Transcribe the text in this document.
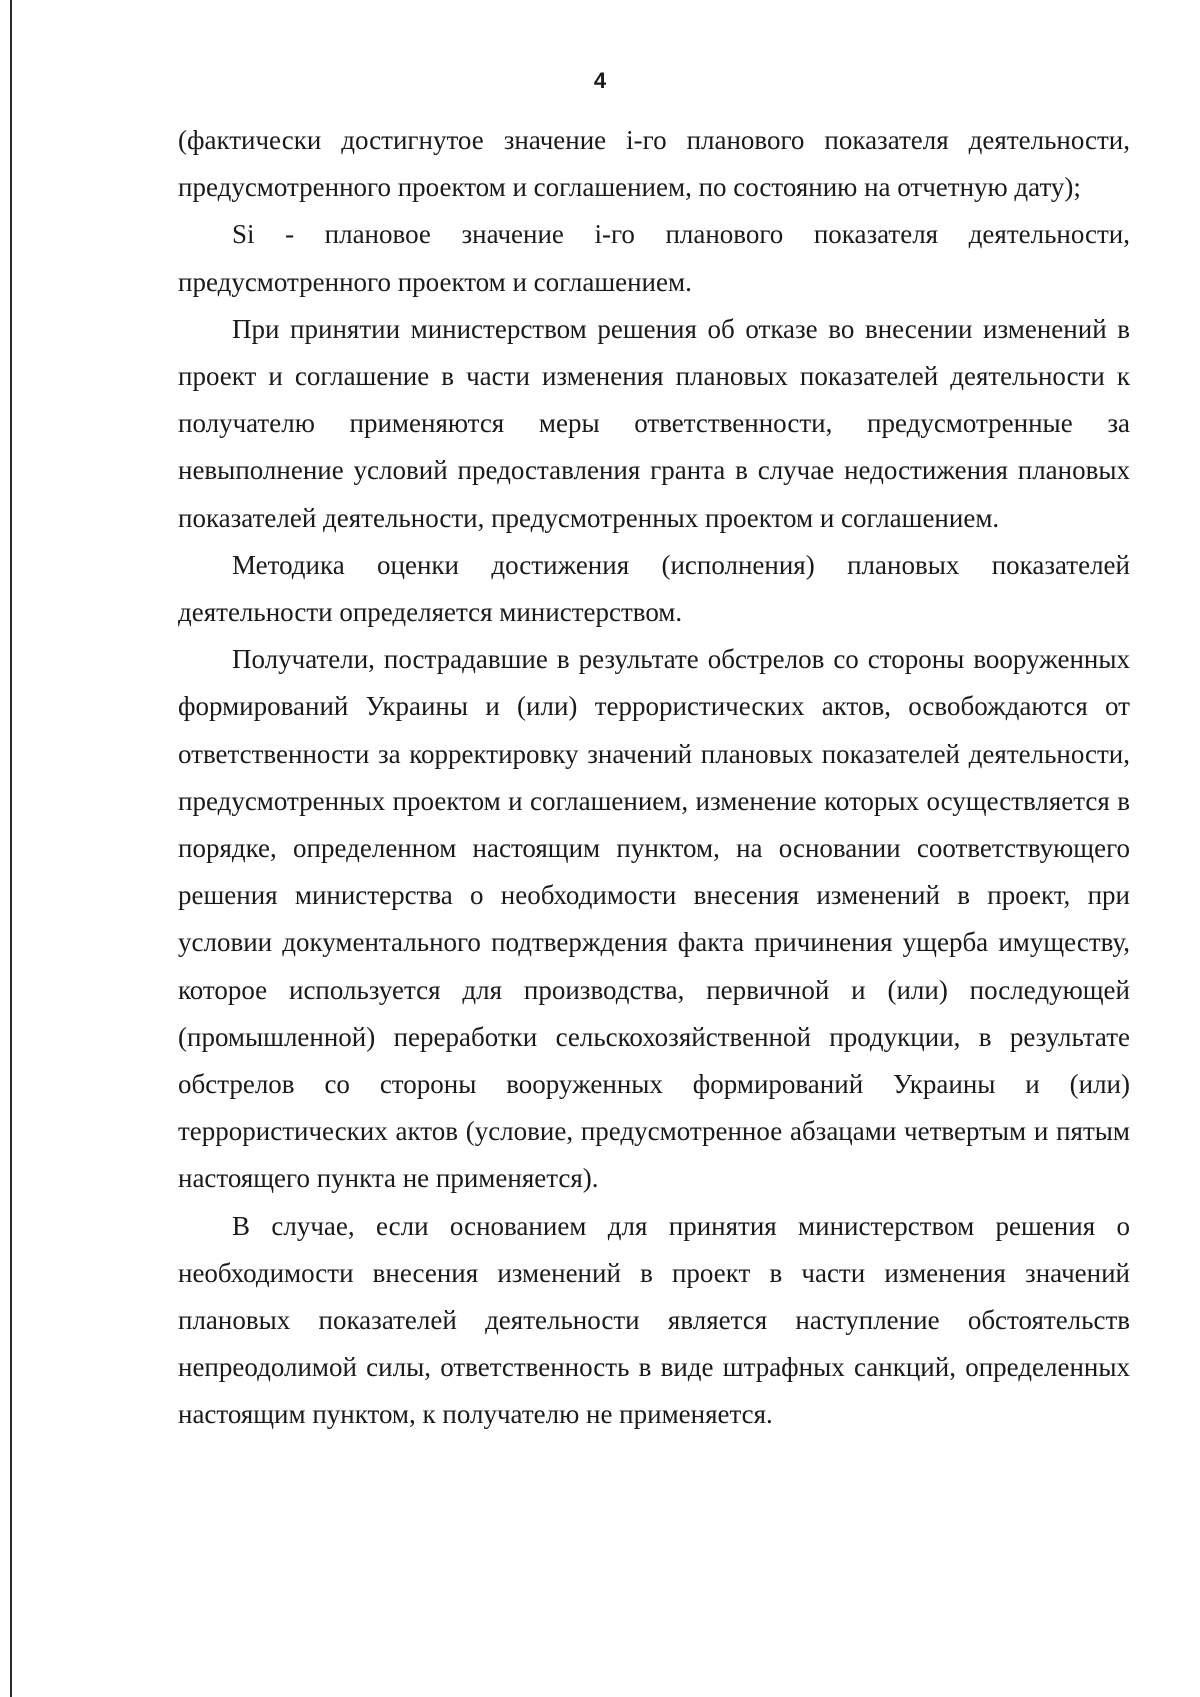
4

(фактически достигнутое значение i-го планового показателя деятельности, предусмотренного проектом и соглашением, по состоянию на отчетную дату);

Si - плановое значение i-го планового показателя деятельности, предусмотренного проектом и соглашением.

При принятии министерством решения об отказе во внесении изменений в проект и соглашение в части изменения плановых показателей деятельности к получателю применяются меры ответственности, предусмотренные за невыполнение условий предоставления гранта в случае недостижения плановых показателей деятельности, предусмотренных проектом и соглашением.

Методика оценки достижения (исполнения) плановых показателей деятельности определяется министерством.

Получатели, пострадавшие в результате обстрелов со стороны вооруженных формирований Украины и (или) террористических актов, освобождаются от ответственности за корректировку значений плановых показателей деятельности, предусмотренных проектом и соглашением, изменение которых осуществляется в порядке, определенном настоящим пунктом, на основании соответствующего решения министерства о необходимости внесения изменений в проект, при условии документального подтверждения факта причинения ущерба имуществу, которое используется для производства, первичной и (или) последующей (промышленной) переработки сельскохозяйственной продукции, в результате обстрелов со стороны вооруженных формирований Украины и (или) террористических актов (условие, предусмотренное абзацами четвертым и пятым настоящего пункта не применяется).

В случае, если основанием для принятия министерством решения о необходимости внесения изменений в проект в части изменения значений плановых показателей деятельности является наступление обстоятельств непреодолимой силы, ответственность в виде штрафных санкций, определенных настоящим пунктом, к получателю не применяется.
